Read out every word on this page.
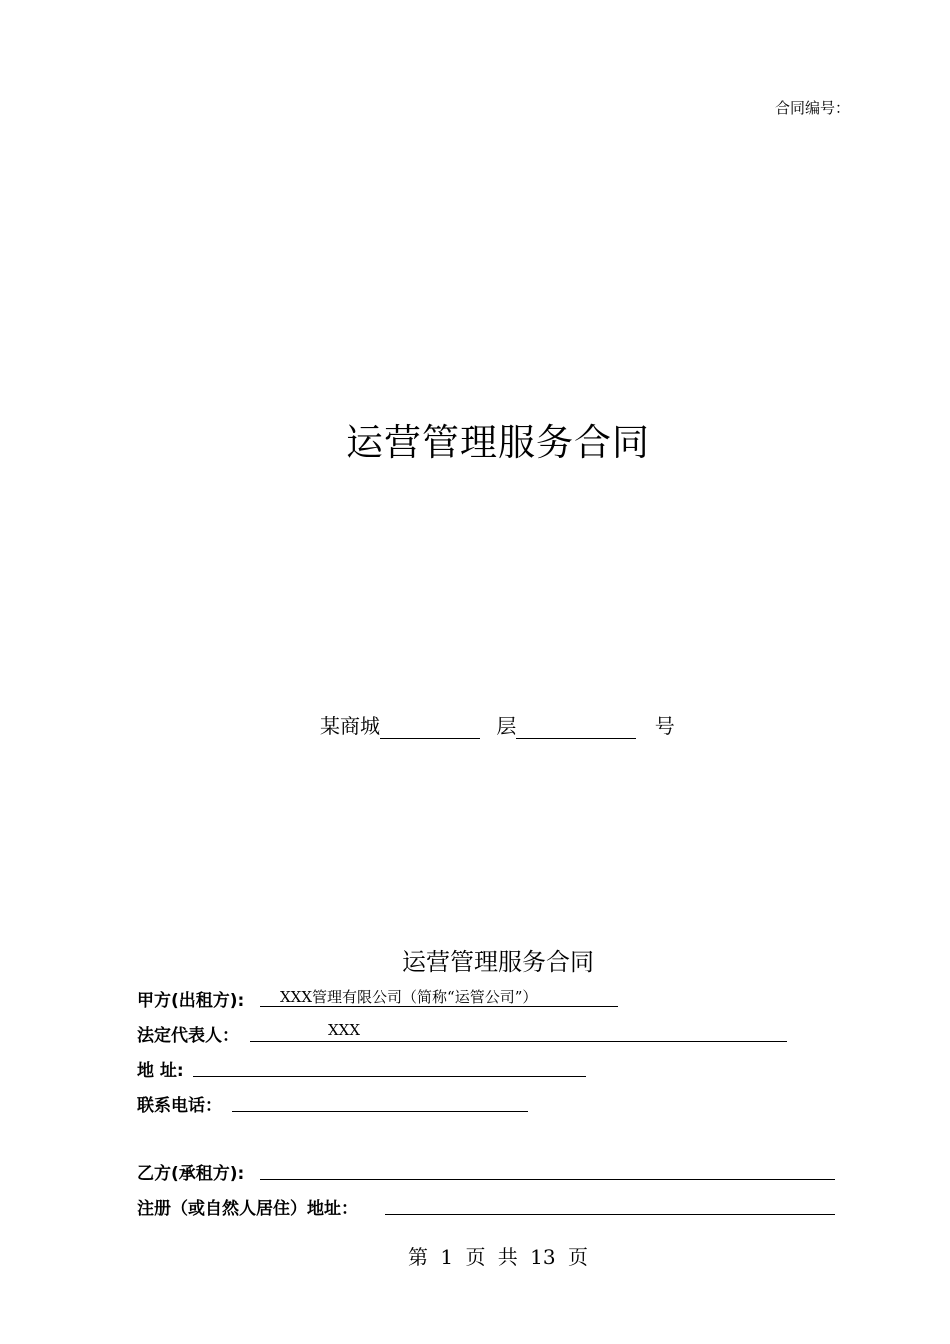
合同编号：
运营管理服务合同
某商城	层	号
运营管理服务合同
甲方(出租方):	XXX管理有限公司（简称“运管公司”）
法定代表人：	XXX
地 址:
联系电话：
乙方(承租方):
注册（或自然人居住）地址：
第 1 页 共 13 页
